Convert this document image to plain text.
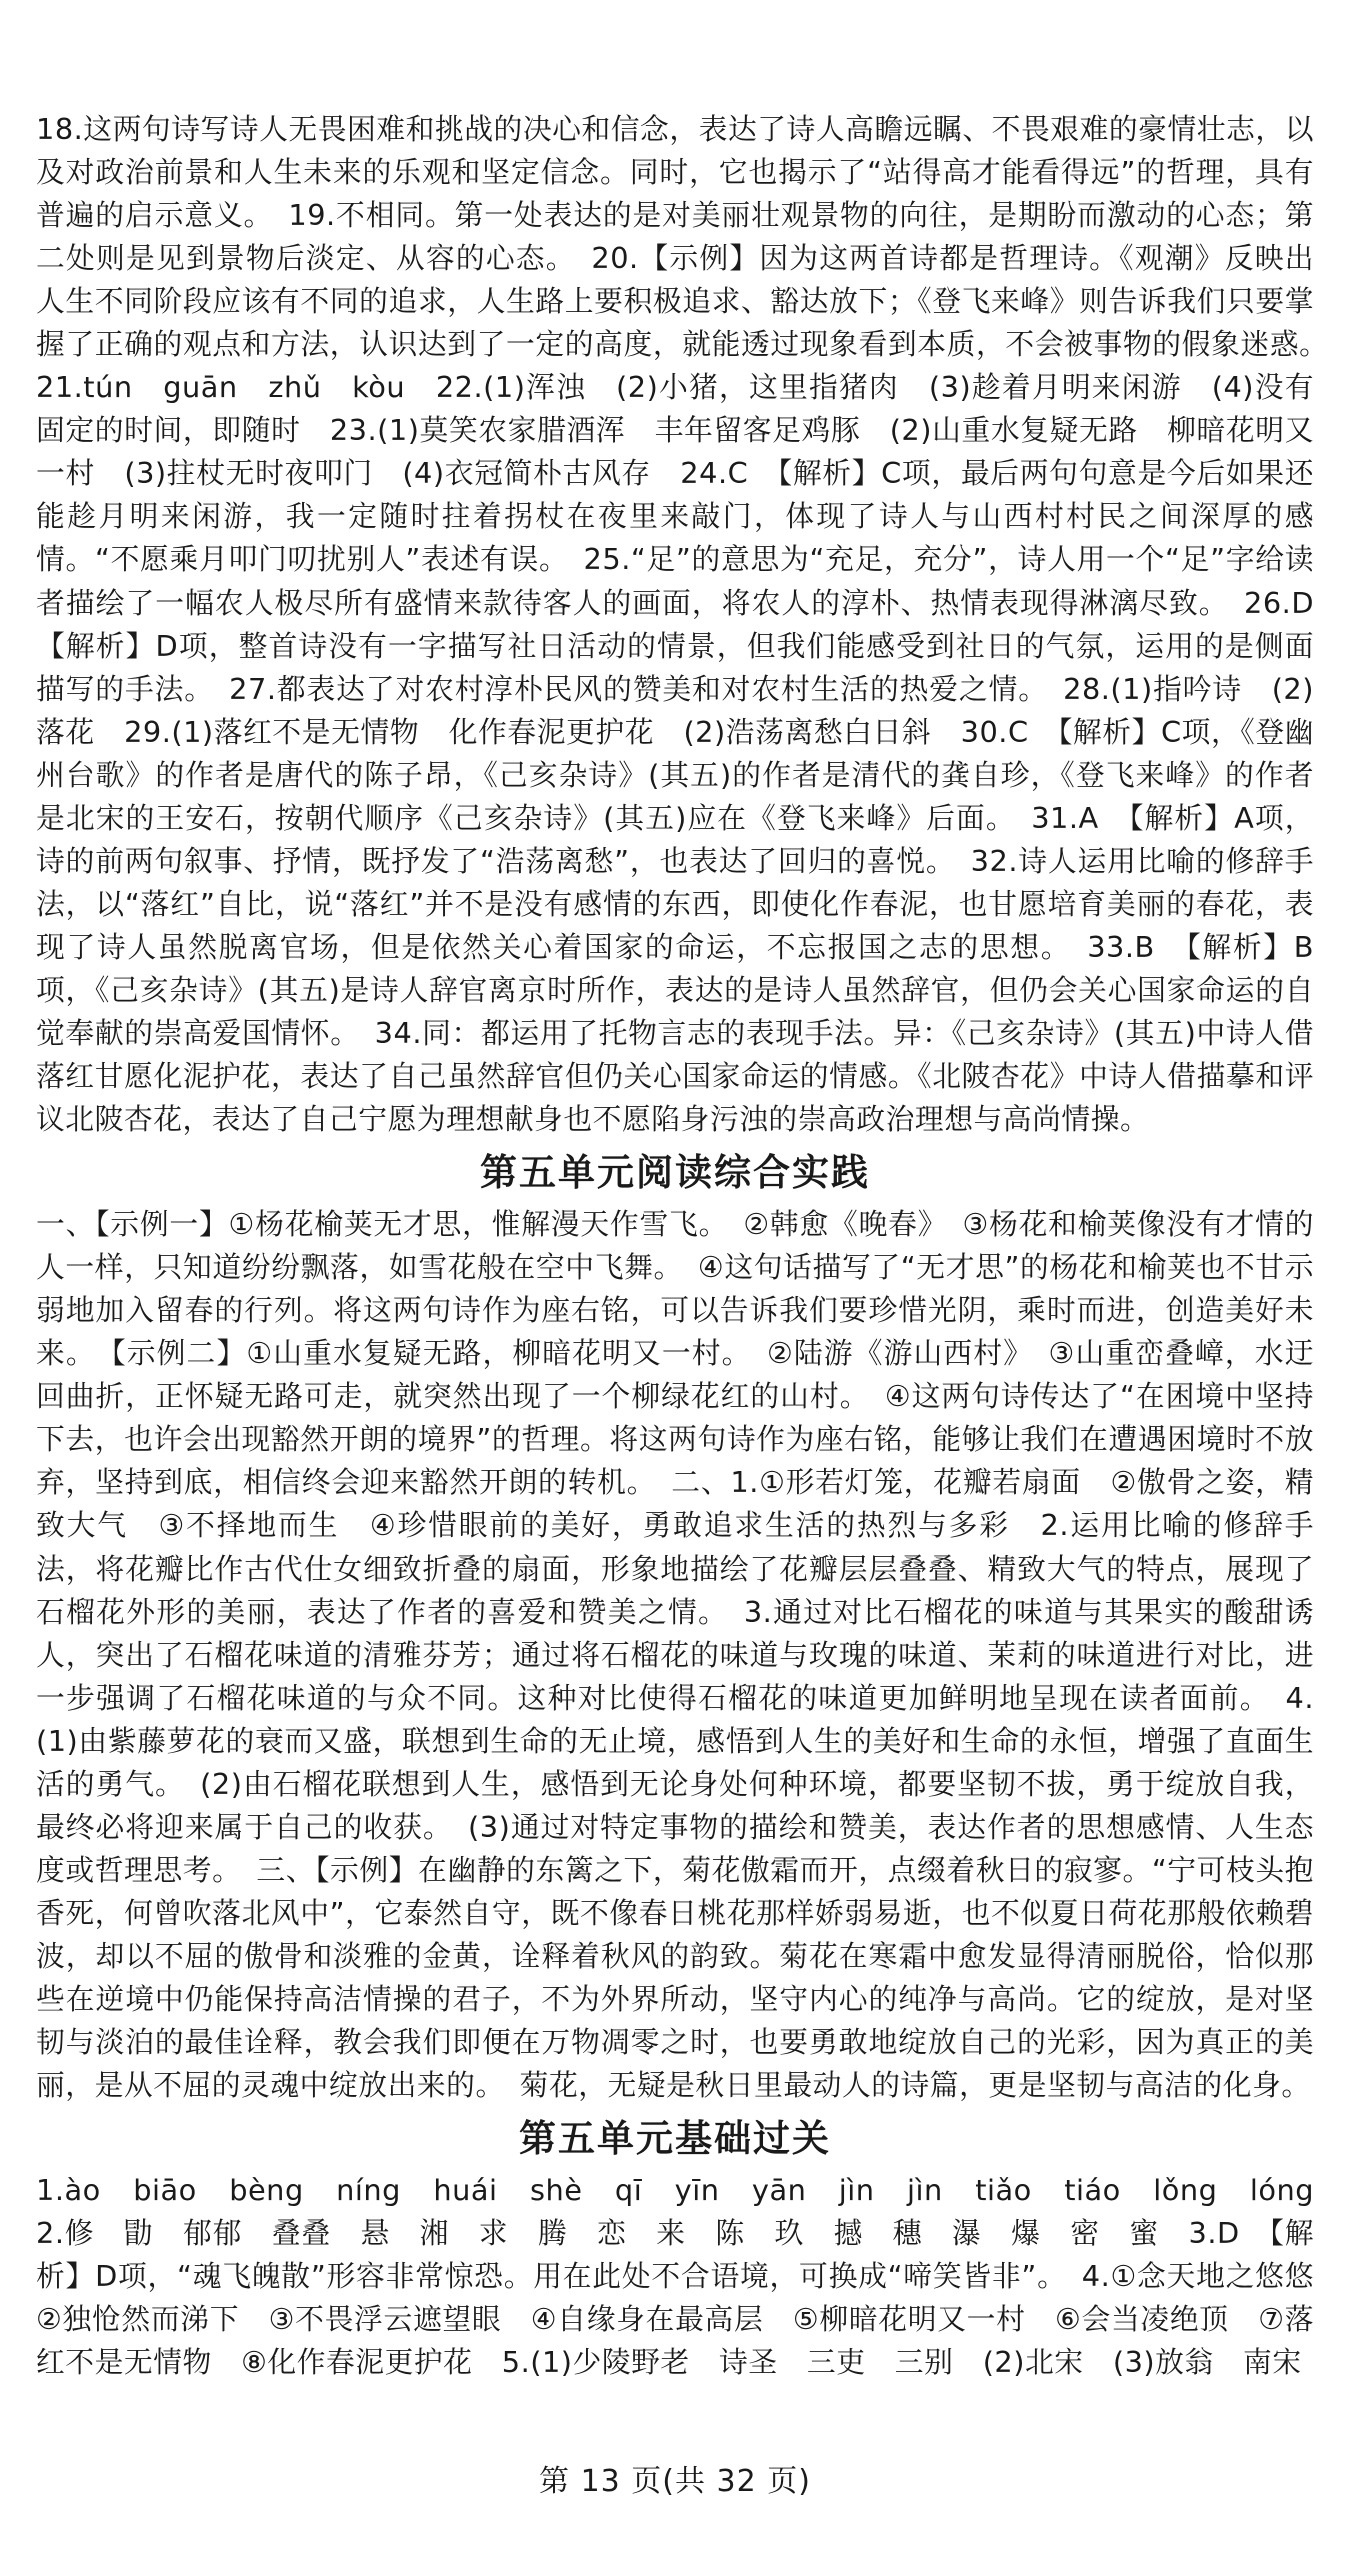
18.这两句诗写诗人无畏困难和挑战的决心和信念，表达了诗人高瞻远瞩、不畏艰难的豪情壮志，以及对政治前景和人生未来的乐观和坚定信念。同时，它也揭示了“站得高才能看得远”的哲理，具有普遍的启示意义。　19.不相同。第一处表达的是对美丽壮观景物的向往，是期盼而激动的心态；第二处则是见到景物后淡定、从容的心态。　20.【示例】因为这两首诗都是哲理诗。《观潮》反映出人生不同阶段应该有不同的追求，人生路上要积极追求、豁达放下；《登飞来峰》则告诉我们只要掌握了正确的观点和方法，认识达到了一定的高度，就能透过现象看到本质，不会被事物的假象迷惑。　21.tún　guān　zhǔ　kòu　22.(1)浑浊　(2)小猪，这里指猪肉　(3)趁着月明来闲游　(4)没有固定的时间，即随时　23.(1)莫笑农家腊酒浑　丰年留客足鸡豚　(2)山重水复疑无路　柳暗花明又一村　(3)拄杖无时夜叩门　(4)衣冠简朴古风存　24.C　【解析】C项，最后两句句意是今后如果还能趁月明来闲游，我一定随时拄着拐杖在夜里来敲门，体现了诗人与山西村村民之间深厚的感情。“不愿乘月叩门叨扰别人”表述有误。　25.“足”的意思为“充足，充分”，诗人用一个“足”字给读者描绘了一幅农人极尽所有盛情来款待客人的画面，将农人的淳朴、热情表现得淋漓尽致。　26.D　【解析】D项，整首诗没有一字描写社日活动的情景，但我们能感受到社日的气氛，运用的是侧面描写的手法。　27.都表达了对农村淳朴民风的赞美和对农村生活的热爱之情。　28.(1)指吟诗　(2)落花　29.(1)落红不是无情物　化作春泥更护花　(2)浩荡离愁白日斜　30.C　【解析】C项，《登幽州台歌》的作者是唐代的陈子昂，《己亥杂诗》(其五)的作者是清代的龚自珍，《登飞来峰》的作者是北宋的王安石，按朝代顺序《己亥杂诗》(其五)应在《登飞来峰》后面。　31.A　【解析】A项，诗的前两句叙事、抒情，既抒发了“浩荡离愁”，也表达了回归的喜悦。　32.诗人运用比喻的修辞手法，以“落红”自比，说“落红”并不是没有感情的东西，即使化作春泥，也甘愿培育美丽的春花，表现了诗人虽然脱离官场，但是依然关心着国家的命运，不忘报国之志的思想。　33.B　【解析】B项，《己亥杂诗》(其五)是诗人辞官离京时所作，表达的是诗人虽然辞官，但仍会关心国家命运的自觉奉献的崇高爱国情怀。　34.同：都运用了托物言志的表现手法。异：《己亥杂诗》(其五)中诗人借落红甘愿化泥护花，表达了自己虽然辞官但仍关心国家命运的情感。《北陂杏花》中诗人借描摹和评议北陂杏花，表达了自己宁愿为理想献身也不愿陷身污浊的崇高政治理想与高尚情操。

第五单元阅读综合实践

一、【示例一】①杨花榆荚无才思，惟解漫天作雪飞。　②韩愈《晚春》　③杨花和榆荚像没有才情的人一样，只知道纷纷飘落，如雪花般在空中飞舞。　④这句话描写了“无才思”的杨花和榆荚也不甘示弱地加入留春的行列。将这两句诗作为座右铭，可以告诉我们要珍惜光阴，乘时而进，创造美好未来。　【示例二】①山重水复疑无路，柳暗花明又一村。　②陆游《游山西村》　③山重峦叠嶂，水迂回曲折，正怀疑无路可走，就突然出现了一个柳绿花红的山村。　④这两句诗传达了“在困境中坚持下去，也许会出现豁然开朗的境界”的哲理。将这两句诗作为座右铭，能够让我们在遭遇困境时不放弃，坚持到底，相信终会迎来豁然开朗的转机。　二、1.①形若灯笼，花瓣若扇面　②傲骨之姿，精致大气　③不择地而生　④珍惜眼前的美好，勇敢追求生活的热烈与多彩　2.运用比喻的修辞手法，将花瓣比作古代仕女细致折叠的扇面，形象地描绘了花瓣层层叠叠、精致大气的特点，展现了石榴花外形的美丽，表达了作者的喜爱和赞美之情。　3.通过对比石榴花的味道与其果实的酸甜诱人，突出了石榴花味道的清雅芬芳；通过将石榴花的味道与玫瑰的味道、茉莉的味道进行对比，进一步强调了石榴花味道的与众不同。这种对比使得石榴花的味道更加鲜明地呈现在读者面前。　4.(1)由紫藤萝花的衰而又盛，联想到生命的无止境，感悟到人生的美好和生命的永恒，增强了直面生活的勇气。　(2)由石榴花联想到人生，感悟到无论身处何种环境，都要坚韧不拔，勇于绽放自我，最终必将迎来属于自己的收获。　(3)通过对特定事物的描绘和赞美，表达作者的思想感情、人生态度或哲理思考。　三、【示例】在幽静的东篱之下，菊花傲霜而开，点缀着秋日的寂寥。“宁可枝头抱香死，何曾吹落北风中”，它泰然自守，既不像春日桃花那样娇弱易逝，也不似夏日荷花那般依赖碧波，却以不屈的傲骨和淡雅的金黄，诠释着秋风的韵致。菊花在寒霜中愈发显得清丽脱俗，恰似那些在逆境中仍能保持高洁情操的君子，不为外界所动，坚守内心的纯净与高尚。它的绽放，是对坚韧与淡泊的最佳诠释，教会我们即便在万物凋零之时，也要勇敢地绽放自己的光彩，因为真正的美丽，是从不屈的灵魂中绽放出来的。　菊花，无疑是秋日里最动人的诗篇，更是坚韧与高洁的化身。

第五单元基础过关

1.ào　biāo　bèng　níng　huái　shè　qī　yīn　yān　jìn　jìn　tiǎo　tiáo　lǒng　lóng　2.修　勖　郁郁　叠叠　悬　湘　求　腾　恋　来　陈　玖　撼　穗　瀑　爆　密　蜜　3.D　【解析】D项，“魂飞魄散”形容非常惊恐。用在此处不合语境，可换成“啼笑皆非”。　4.①念天地之悠悠　②独怆然而涕下　③不畏浮云遮望眼　④自缘身在最高层　⑤柳暗花明又一村　⑥会当凌绝顶　⑦落红不是无情物　⑧化作春泥更护花　5.(1)少陵野老　诗圣　三吏　三别　(2)北宋　(3)放翁　南宋

第 13 页(共 32 页)
